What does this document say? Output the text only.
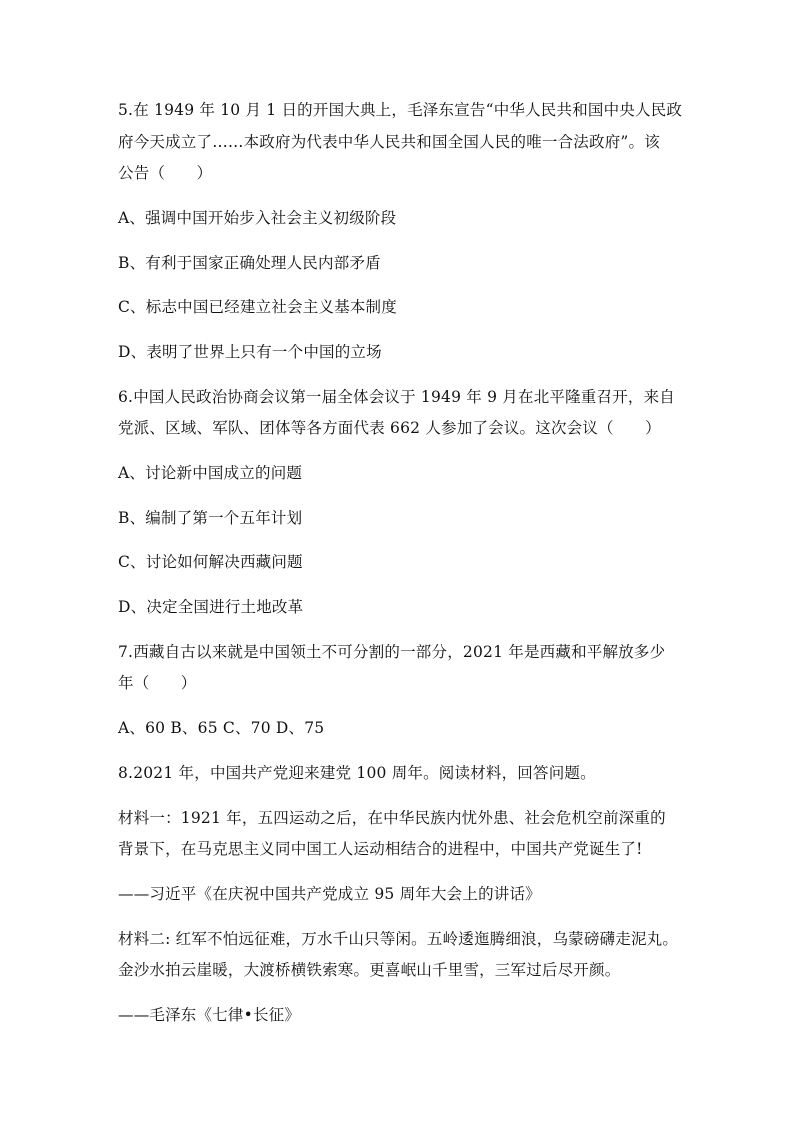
5.在 1949 年 10 月 1 日的开国大典上，毛泽东宣告“中华人民共和国中央人民政
府今天成立了……本政府为代表中华人民共和国全国人民的唯一合法政府”。该
公告（　　）
A、强调中国开始步入社会主义初级阶段
B、有利于国家正确处理人民内部矛盾
C、标志中国已经建立社会主义基本制度
D、表明了世界上只有一个中国的立场
6.中国人民政治协商会议第一届全体会议于 1949 年 9 月在北平隆重召开，来自
党派、区域、军队、团体等各方面代表 662 人参加了会议。这次会议（　　）
A、讨论新中国成立的问题
B、编制了第一个五年计划
C、讨论如何解决西藏问题
D、决定全国进行土地改革
7.西藏自古以来就是中国领土不可分割的一部分，2021 年是西藏和平解放多少
年（　　）
A、60 B、65 C、70 D、75
8.2021 年，中国共产党迎来建党 100 周年。阅读材料，回答问题。
材料一：1921 年，五四运动之后，在中华民族内忧外患、社会危机空前深重的
背景下，在马克思主义同中国工人运动相结合的进程中，中国共产党诞生了!
——习近平《在庆祝中国共产党成立 95 周年大会上的讲话》
材料二: 红军不怕远征难，万水千山只等闲。五岭逶迤腾细浪，乌蒙磅礴走泥丸。
金沙水拍云崖暖，大渡桥横铁索寒。更喜岷山千里雪，三军过后尽开颜。
——毛泽东《七律•长征》
